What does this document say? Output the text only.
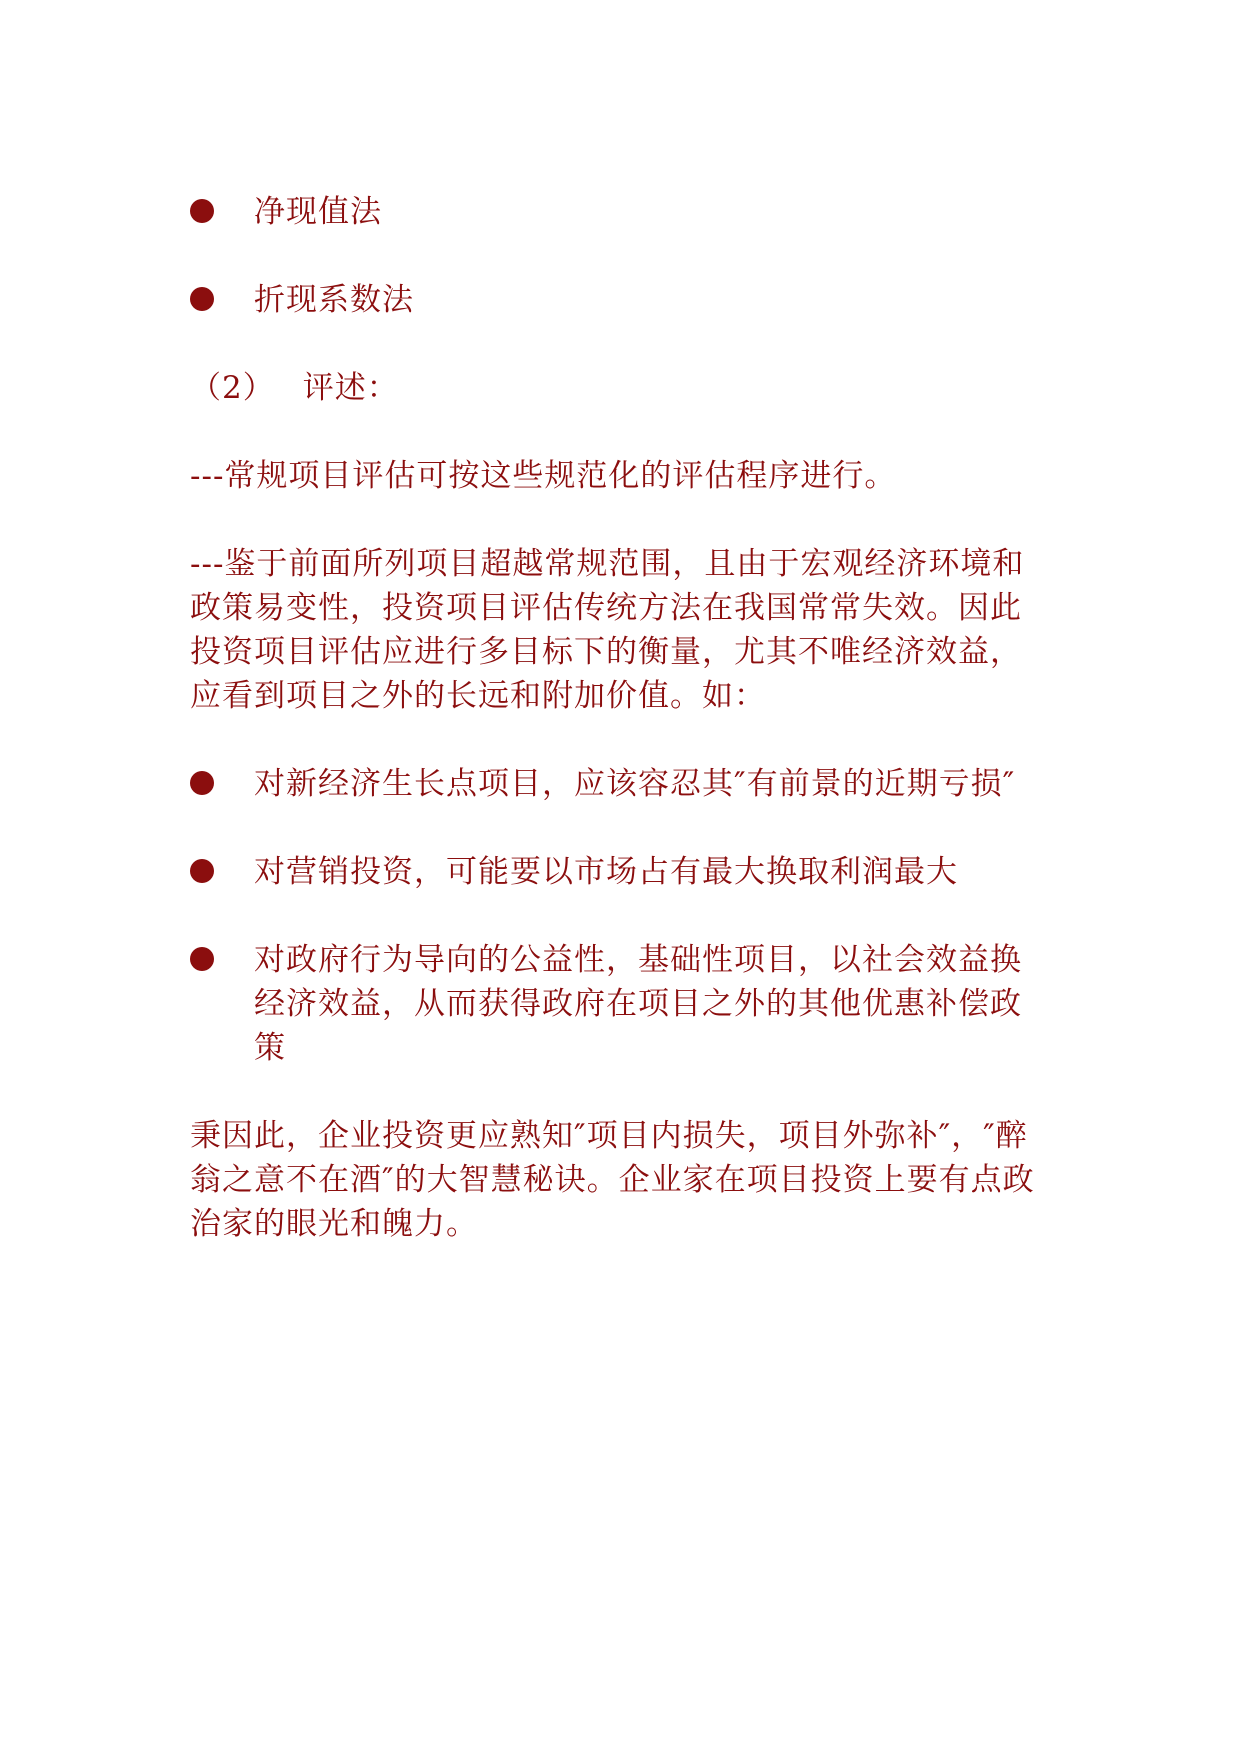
净现值法
折现系数法
（2） 评述：
---常规项目评估可按这些规范化的评估程序进行。
---鉴于前面所列项目超越常规范围，且由于宏观经济环境和政策易变性，投资项目评估传统方法在我国常常失效。因此投资项目评估应进行多目标下的衡量，尤其不唯经济效益，应看到项目之外的长远和附加价值。如：
对新经济生长点项目，应该容忍其″有前景的近期亏损″
对营销投资，可能要以市场占有最大换取利润最大
对政府行为导向的公益性，基础性项目，以社会效益换经济效益，从而获得政府在项目之外的其他优惠补偿政策
秉因此，企业投资更应熟知″项目内损失，项目外弥补″，″醉翁之意不在酒″的大智慧秘诀。企业家在项目投资上要有点政治家的眼光和魄力。
